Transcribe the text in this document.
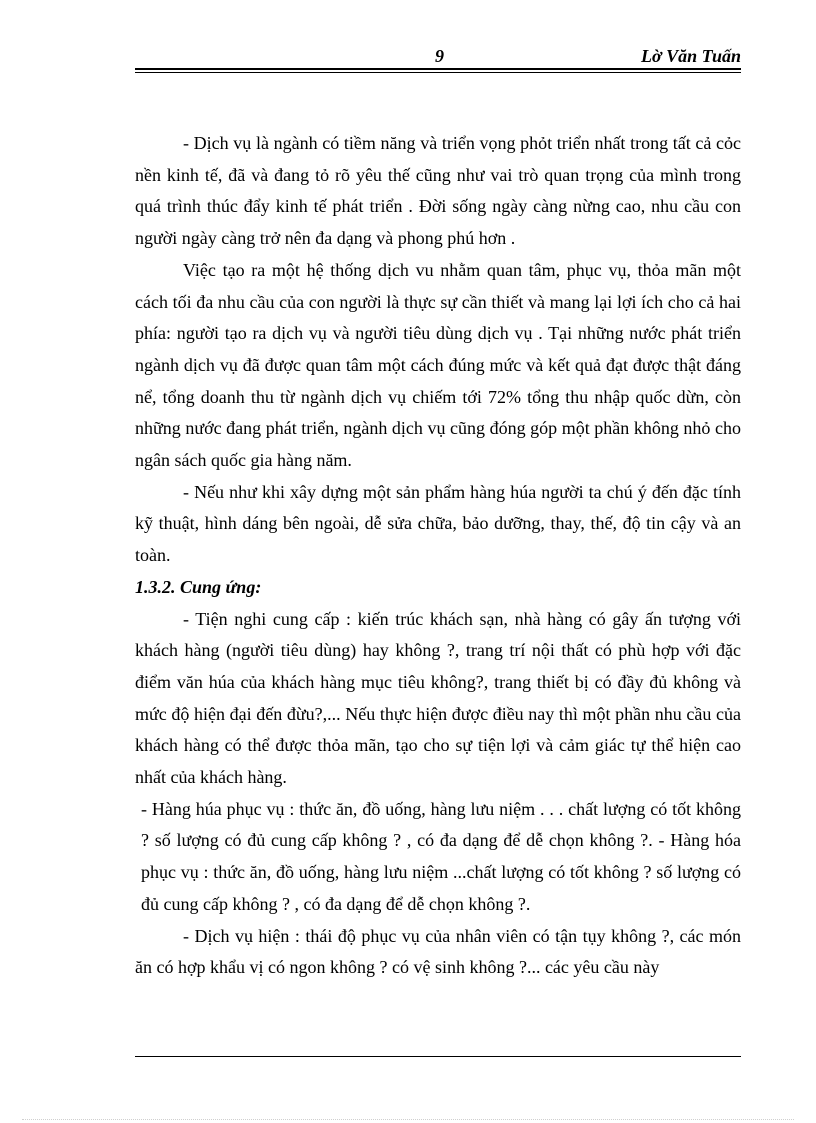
9	Lờ Văn Tuấn

- Dịch vụ là ngành có tiềm năng và triển vọng phỏt triển nhất trong tất cả cỏc nền kinh tế, đã và đang tỏ rõ yêu thế cũng như vai trò quan trọng của mình trong quá trình thúc đẩy kinh tế phát triển . Đời sống ngày càng nừng cao, nhu cầu con người ngày càng trở nên đa dạng và phong phú hơn .

Việc tạo ra một hệ thống dịch vu nhằm quan tâm, phục vụ, thỏa mãn một cách tối đa nhu cầu của con người là thực sự cần thiết và mang lại lợi ích cho cả hai phía: người tạo ra dịch vụ và người tiêu dùng dịch vụ . Tại những nước phát triển ngành dịch vụ đã được quan tâm một cách đúng mức và kết quả đạt được thật đáng nể, tổng doanh thu từ ngành dịch vụ chiếm tới 72% tổng thu nhập quốc dừn, còn những nước đang phát triển, ngành dịch vụ cũng đóng góp một phần không nhỏ cho ngân sách quốc gia hàng năm.

- Nếu như khi xây dựng một sản phẩm hàng húa người ta chú ý đến đặc tính kỹ thuật, hình dáng bên ngoài, dễ sửa chữa, bảo dưỡng, thay, thế, độ tin cậy và an toàn.

1.3.2. Cung ứng:

- Tiện nghi cung cấp : kiến trúc khách sạn, nhà hàng có gây ấn tượng với khách hàng (người tiêu dùng) hay không ?, trang trí nội thất có phù hợp với đặc điểm văn húa của khách hàng mục tiêu không?, trang thiết bị có đầy đủ không và mức độ hiện đại đến đừu?,... Nếu thực hiện được điều nay thì một phần nhu cầu của khách hàng có thể được thỏa mãn, tạo cho sự tiện lợi và cảm giác tự thể hiện cao nhất của khách hàng.

- Hàng húa phục vụ : thức ăn, đồ uống, hàng lưu niệm . . . chất lượng có tốt không ? số lượng có đủ cung cấp không ? , có đa dạng để dễ chọn không ?. - Hàng hóa phục vụ : thức ăn, đồ uống, hàng lưu niệm ...chất lượng có tốt không ? số lượng có đủ cung cấp không ? , có đa dạng để dễ chọn không ?.

- Dịch vụ hiện : thái độ phục vụ của nhân viên có tận tụy không ?, các món ăn có hợp khẩu vị có ngon không ? có vệ sinh không ?... các yêu cầu này
